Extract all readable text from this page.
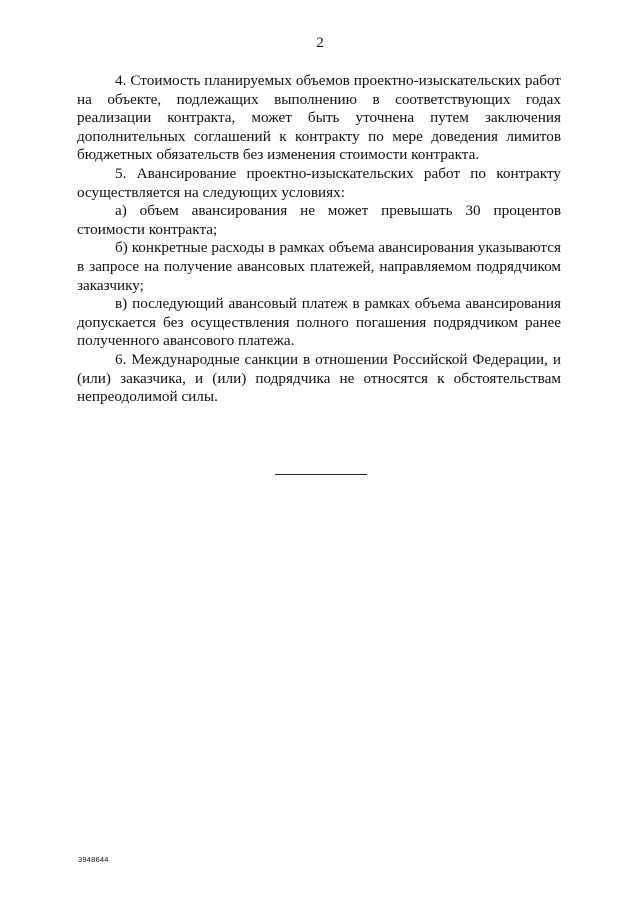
2

4. Стоимость планируемых объемов проектно-изыскательских работ на объекте, подлежащих выполнению в соответствующих годах реализации контракта, может быть уточнена путем заключения дополнительных соглашений к контракту по мере доведения лимитов бюджетных обязательств без изменения стоимости контракта.

5. Авансирование проектно-изыскательских работ по контракту осуществляется на следующих условиях:

а) объем авансирования не может превышать 30 процентов стоимости контракта;

б) конкретные расходы в рамках объема авансирования указываются в запросе на получение авансовых платежей, направляемом подрядчиком заказчику;

в) последующий авансовый платеж в рамках объема авансирования допускается без осуществления полного погашения подрядчиком ранее полученного авансового платежа.

6. Международные санкции в отношении Российской Федерации, и (или) заказчика, и (или) подрядчика не относятся к обстоятельствам непреодолимой силы.

3948644
